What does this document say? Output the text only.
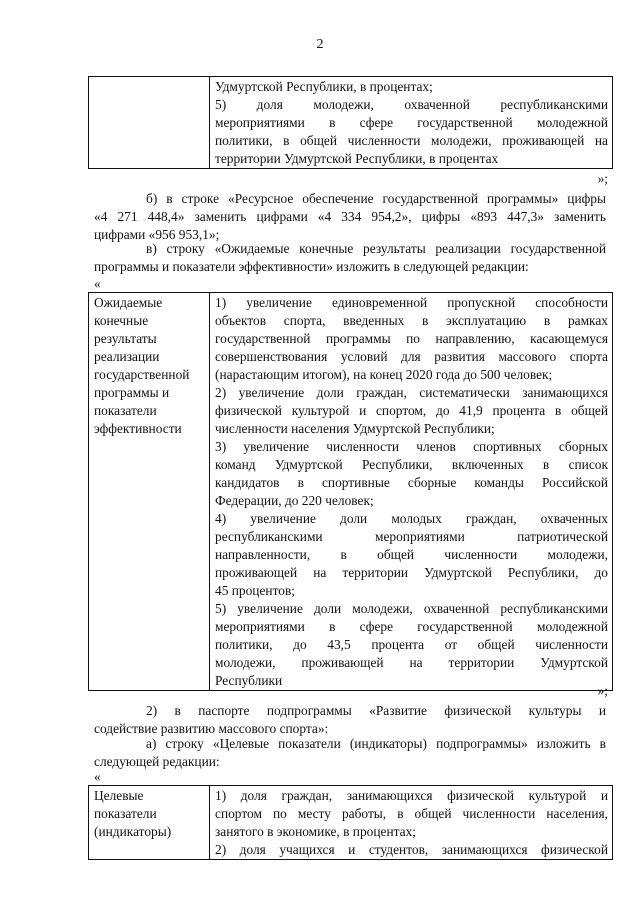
2

Удмуртской Республики, в процентах;
5) доля молодежи, охваченной республиканскими
мероприятиями в сфере государственной молодежной
политики, в общей численности молодежи, проживающей на
территории Удмуртской Республики, в процентах
»;
б) в строке «Ресурсное обеспечение государственной программы» цифры
«4 271 448,4» заменить цифрами «4 334 954,2», цифры «893 447,3» заменить
цифрами «956 953,1»;
в) строку «Ожидаемые конечные результаты реализации государственной
программы и показатели эффективности» изложить в следующей редакции:
«
Ожидаемые
конечные
результаты
реализации
государственной
программы и
показатели
эффективности

1) увеличение единовременной пропускной способности
объектов спорта, введенных в эксплуатацию в рамках
государственной программы по направлению, касающемуся
совершенствования условий для развития массового спорта
(нарастающим итогом), на конец 2020 года до 500 человек;
2) увеличение доли граждан, систематически занимающихся
физической культурой и спортом, до 41,9 процента в общей
численности населения Удмуртской Республики;
3) увеличение численности членов спортивных сборных
команд Удмуртской Республики, включенных в список
кандидатов в спортивные сборные команды Российской
Федерации, до 220 человек;
4) увеличение доли молодых граждан, охваченных
республиканскими мероприятиями патриотической
направленности, в общей численности молодежи,
проживающей на территории Удмуртской Республики, до
45 процентов;
5) увеличение доли молодежи, охваченной республиканскими
мероприятиями в сфере государственной молодежной
политики, до 43,5 процента от общей численности
молодежи, проживающей на территории Удмуртской
Республики
»;
2) в паспорте подпрограммы «Развитие физической культуры и
содействие развитию массового спорта»:
а) строку «Целевые показатели (индикаторы) подпрограммы» изложить в
следующей редакции:
«
Целевые
показатели
(индикаторы)

1) доля граждан, занимающихся физической культурой и
спортом по месту работы, в общей численности населения,
занятого в экономике, в процентах;
2) доля учащихся и студентов, занимающихся физической
